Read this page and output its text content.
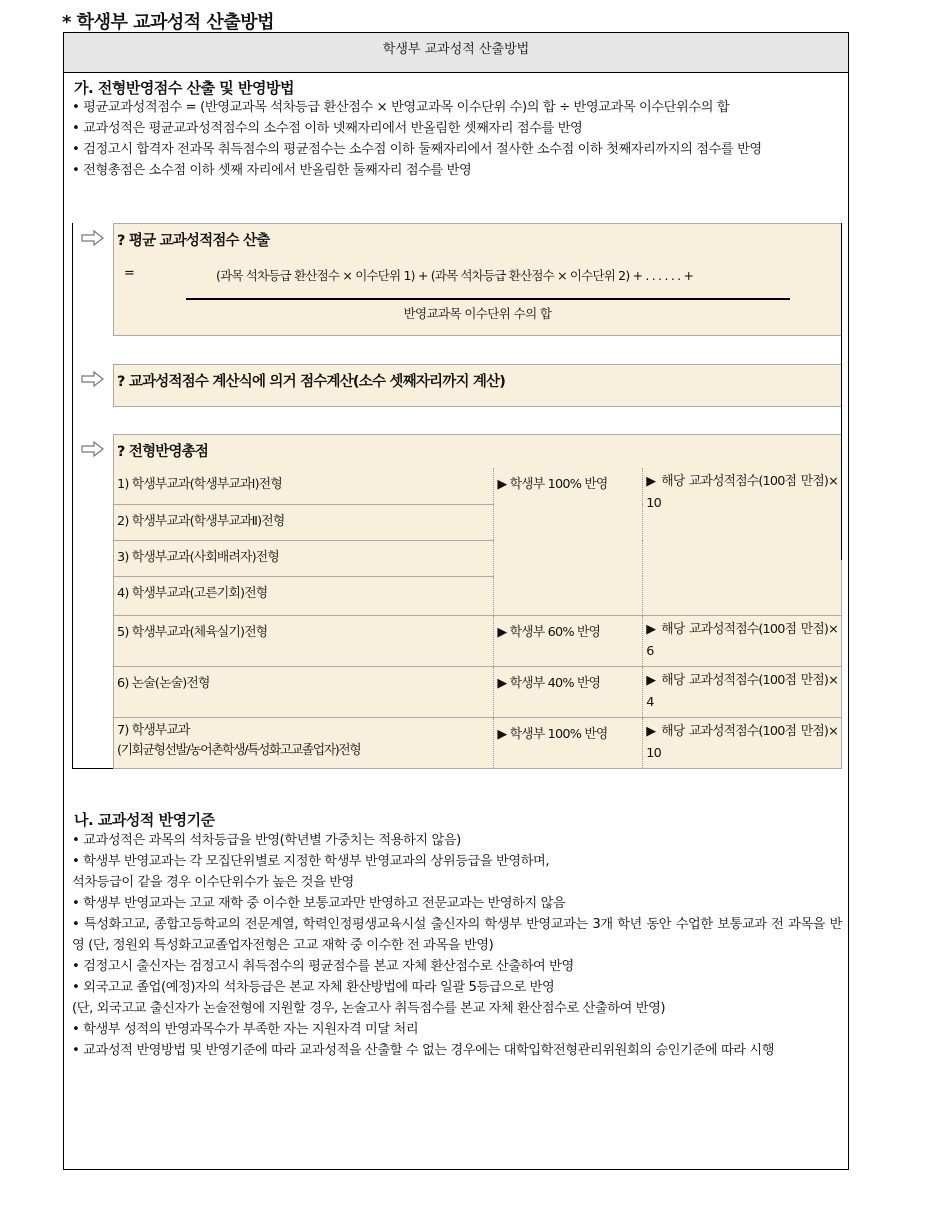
* 학생부 교과성적 산출방법
학생부 교과성적 산출방법
가. 전형반영점수 산출 및 반영방법

• 평균교과성적점수 = (반영교과목 석차등급 환산점수 × 반영교과목 이수단위 수)의 합 ÷ 반영교과목 이수단위수의 합

• 교과성적은 평균교과성적점수의 소수점 이하 넷째자리에서 반올림한 셋째자리 점수를 반영

• 검정고시 합격자 전과목 취득점수의 평균점수는 소수점 이하 둘째자리에서 절사한 소수점 이하 첫째자리까지의 점수를 반영

• 전형총점은 소수점 이하 셋째 자리에서 반올림한 둘째자리 점수를 반영

? 평균 교과성적점수 산출
=	(과목 석차등급 환산점수 × 이수단위 1) + (과목 석차등급 환산점수 × 이수단위 2) + . . . . . . +
반영교과목 이수단위 수의 합
? 교과성적점수 계산식에 의거 점수계산(소수 셋째자리까지 계산)
? 전형반영총점
1) 학생부교과(학생부교과Ⅰ)전형	▶ 학생부 100% 반영	▶ 해당 교과성적점수(100점 만점)× 10
2) 학생부교과(학생부교과Ⅱ)전형		
3) 학생부교과(사회배려자)전형		
4) 학생부교과(고른기회)전형		
5) 학생부교과(체육실기)전형	▶ 학생부 60% 반영	▶ 해당 교과성적점수(100점 만점)× 6
6) 논술(논술)전형	▶ 학생부 40% 반영	▶ 해당 교과성적점수(100점 만점)× 4

7) 학생부교과
(기회균형선발/농어촌학생/특성화고교졸업자)전형	▶ 학생부 100% 반영	▶ 해당 교과성적점수(100점 만점)× 10
나. 교과성적 반영기준

• 교과성적은 과목의 석차등급을 반영(학년별 가중치는 적용하지 않음)

• 학생부 반영교과는 각 모집단위별로 지정한 학생부 반영교과의 상위등급을 반영하며,

석차등급이 같을 경우 이수단위수가 높은 것을 반영

• 학생부 반영교과는 고교 재학 중 이수한 보통교과만 반영하고 전문교과는 반영하지 않음

• 특성화고교, 종합고등학교의 전문계열, 학력인정평생교육시설 출신자의 학생부 반영교과는 3개 학년 동안 수업한 보통교과 전 과목을 반영 (단, 정원외 특성화고교졸업자전형은 고교 재학 중 이수한 전 과목을 반영)

• 검정고시 출신자는 검정고시 취득점수의 평균점수를 본교 자체 환산점수로 산출하여 반영

• 외국고교 졸업(예정)자의 석차등급은 본교 자체 환산방법에 따라 일괄 5등급으로 반영

(단, 외국고교 출신자가 논술전형에 지원할 경우, 논술고사 취득점수를 본교 자체 환산점수로 산출하여 반영)

• 학생부 성적의 반영과목수가 부족한 자는 지원자격 미달 처리

• 교과성적 반영방법 및 반영기준에 따라 교과성적을 산출할 수 없는 경우에는 대학입학전형관리위원회의 승인기준에 따라 시행
